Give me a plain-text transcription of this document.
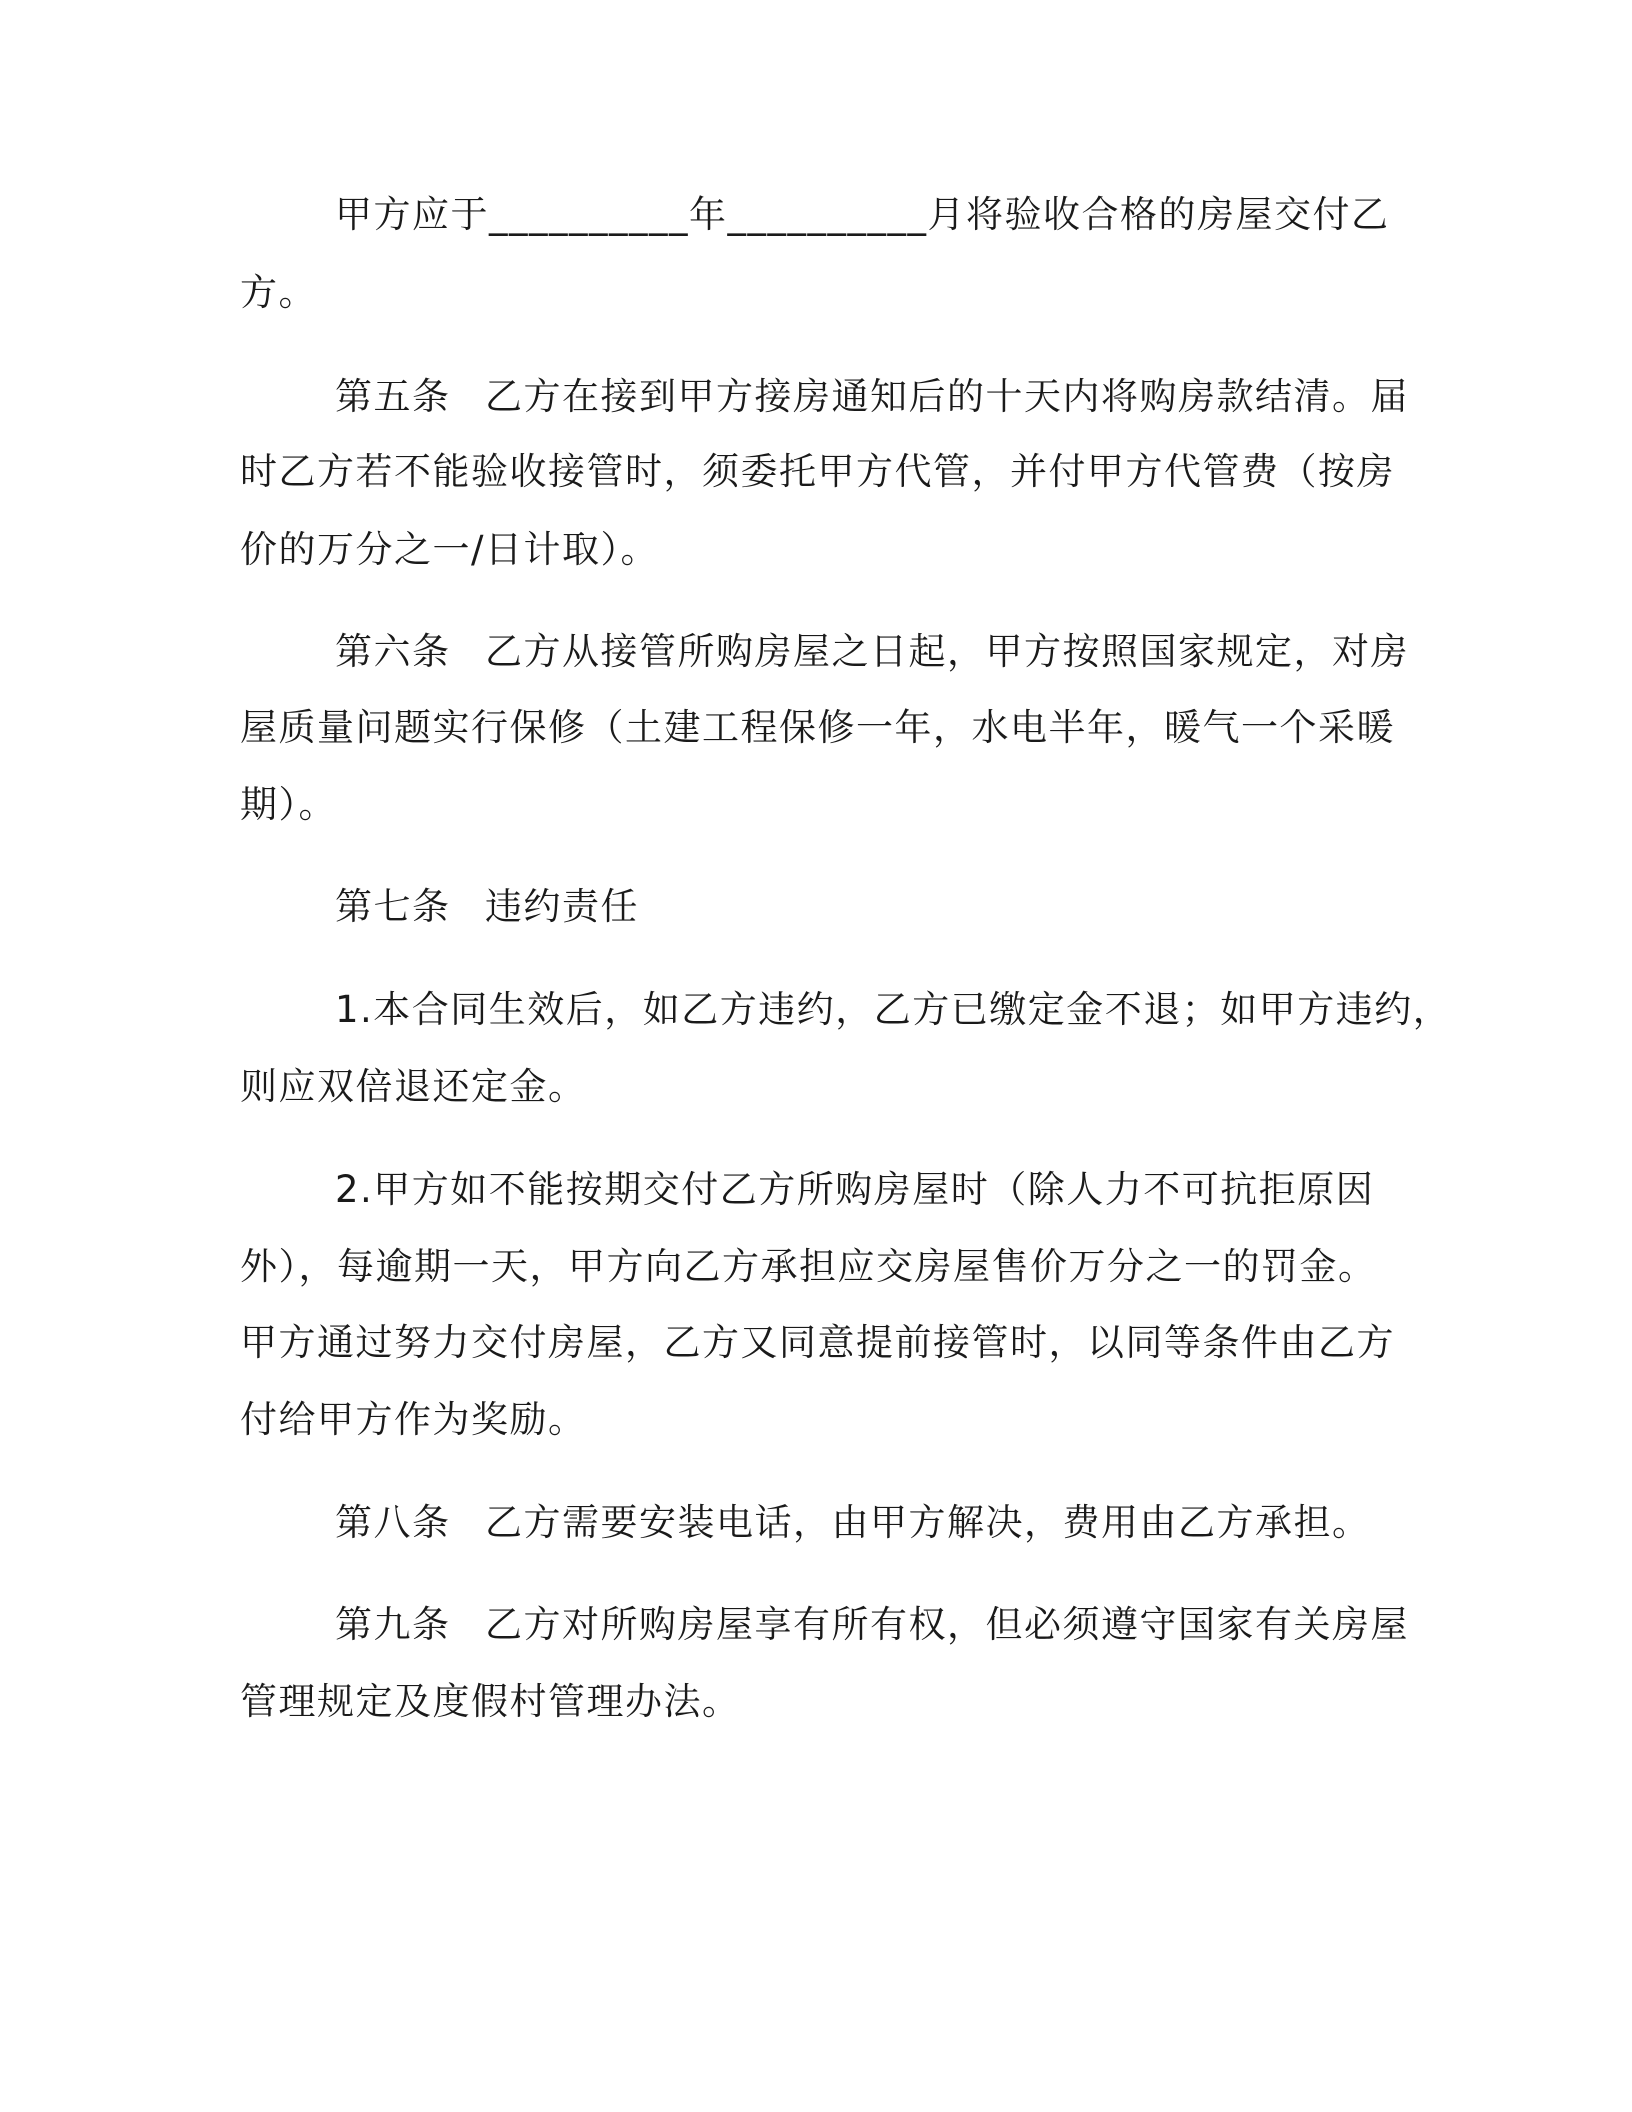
甲方应于__________年__________月将验收合格的房屋交付乙
方。
第五条 乙方在接到甲方接房通知后的十天内将购房款结清。届
时乙方若不能验收接管时，须委托甲方代管，并付甲方代管费（按房
价的万分之一/日计取）。
第六条 乙方从接管所购房屋之日起，甲方按照国家规定，对房
屋质量问题实行保修（土建工程保修一年，水电半年，暖气一个采暖
期）。
第七条 违约责任
1.本合同生效后，如乙方违约，乙方已缴定金不退；如甲方违约，
则应双倍退还定金。
2.甲方如不能按期交付乙方所购房屋时（除人力不可抗拒原因
外），每逾期一天，甲方向乙方承担应交房屋售价万分之一的罚金。
甲方通过努力交付房屋，乙方又同意提前接管时，以同等条件由乙方
付给甲方作为奖励。
第八条 乙方需要安装电话，由甲方解决，费用由乙方承担。
第九条 乙方对所购房屋享有所有权，但必须遵守国家有关房屋
管理规定及度假村管理办法。
